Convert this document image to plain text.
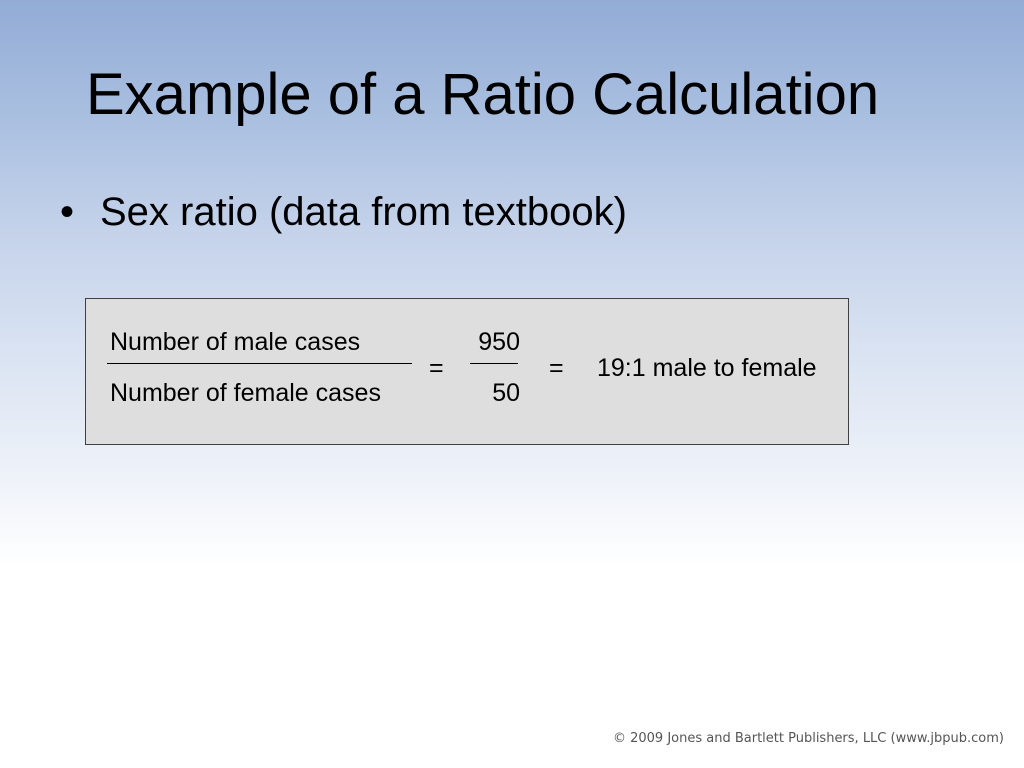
Example of a Ratio Calculation
• Sex ratio (data from textbook)
Number of male cases
Number of female cases
=
950
50
= 19:1 male to female
© 2009 Jones and Bartlett Publishers, LLC (www.jbpub.com)
